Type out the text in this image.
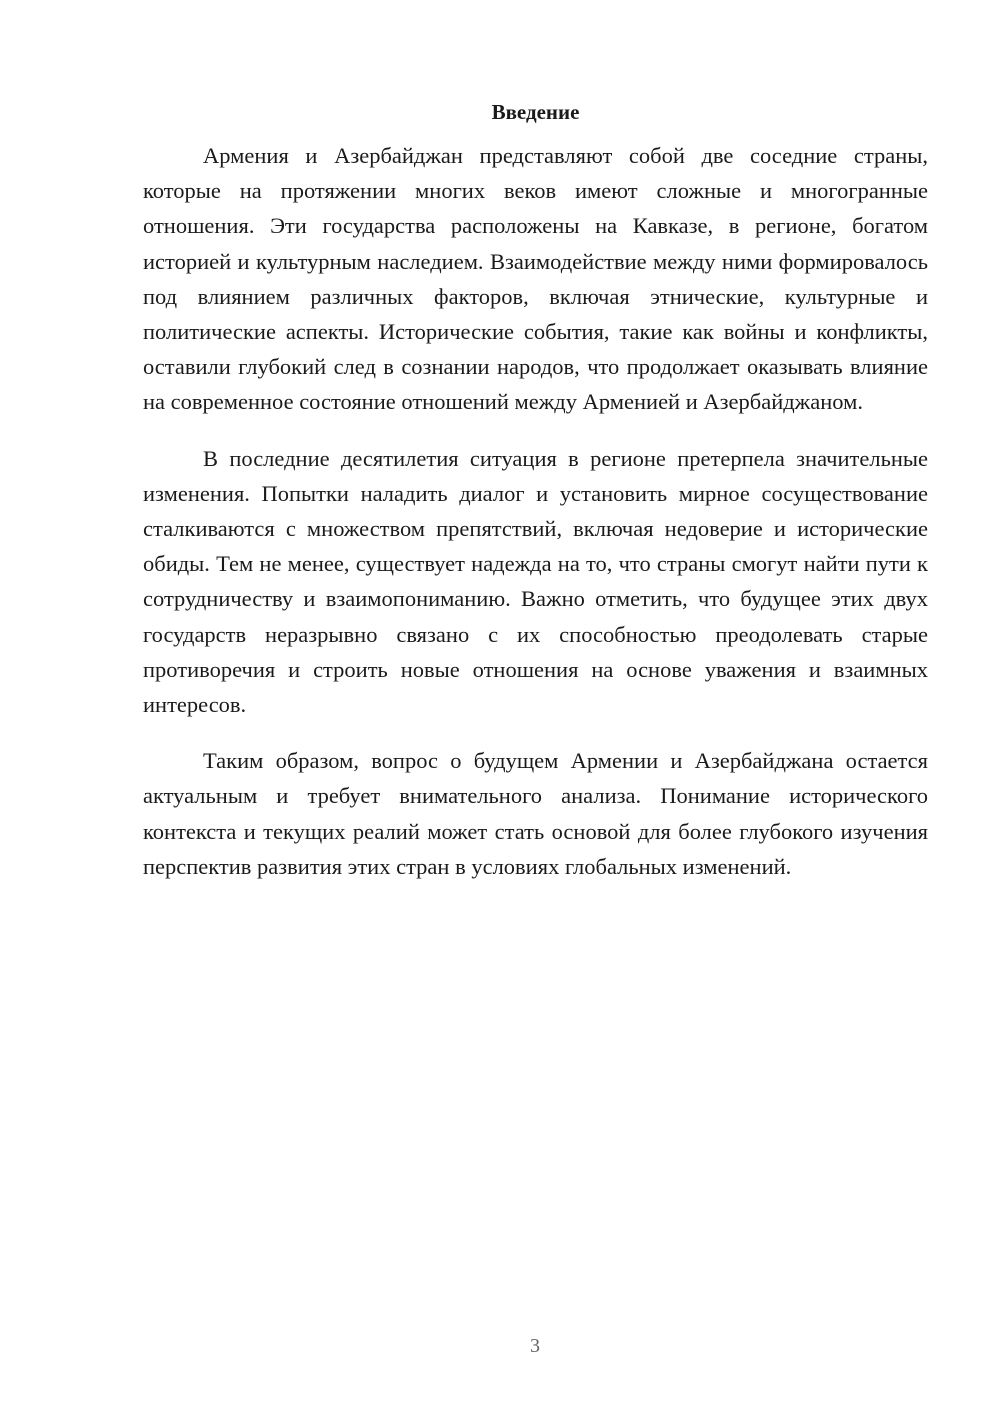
Введение

Армения и Азербайджан представляют собой две соседние страны, которые на протяжении многих веков имеют сложные и многогранные отношения. Эти государства расположены на Кавказе, в регионе, богатом историей и культурным наследием. Взаимодействие между ними формировалось под влиянием различных факторов, включая этнические, культурные и политические аспекты. Исторические события, такие как войны и конфликты, оставили глубокий след в сознании народов, что продолжает оказывать влияние на современное состояние отношений между Арменией и Азербайджаном.

В последние десятилетия ситуация в регионе претерпела значительные изменения. Попытки наладить диалог и установить мирное сосуществование сталкиваются с множеством препятствий, включая недоверие и исторические обиды. Тем не менее, существует надежда на то, что страны смогут найти пути к сотрудничеству и взаимопониманию. Важно отметить, что будущее этих двух государств неразрывно связано с их способностью преодолевать старые противоречия и строить новые отношения на основе уважения и взаимных интересов.

Таким образом, вопрос о будущем Армении и Азербайджана остается актуальным и требует внимательного анализа. Понимание исторического контекста и текущих реалий может стать основой для более глубокого изучения перспектив развития этих стран в условиях глобальных изменений.

3
